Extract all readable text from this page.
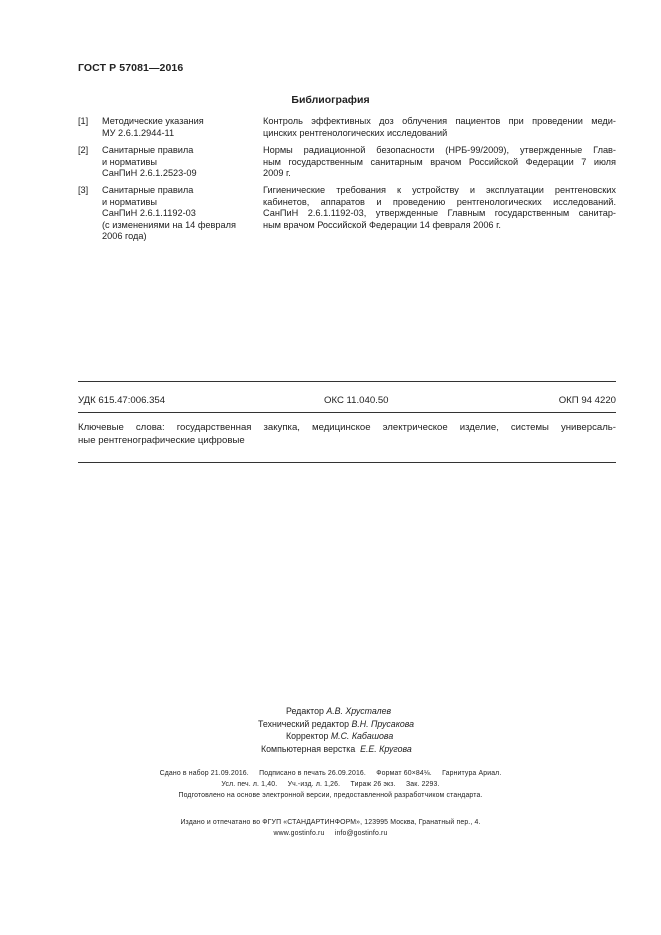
ГОСТ Р 57081—2016
Библиография
[1] Методические указания
МУ 2.6.1.2944-11
Контроль эффективных доз облучения пациентов при проведении меди-
цинских рентгенологических исследований
[2] Санитарные правила
и нормативы
СанПиН 2.6.1.2523-09
Нормы радиационной безопасности (НРБ-99/2009), утвержденные Глав-
ным государственным санитарным врачом Российской Федерации 7 июля
2009 г.
[3] Санитарные правила
и нормативы
СанПиН 2.6.1.1192-03
(с изменениями на 14 февраля
2006 года)
Гигиенические требования к устройству и эксплуатации рентгеновских
кабинетов, аппаратов и проведению рентгенологических исследований.
СанПиН 2.6.1.1192-03, утвержденные Главным государственным санитар-
ным врачом Российской Федерации 14 февраля 2006 г.
УДК 615.47:006.354	ОКС 11.040.50	ОКП 94 4220
Ключевые слова: государственная закупка, медицинское электрическое изделие, системы универсаль-
ные рентгенографические цифровые
Редактор А.В. Хрусталев
Технический редактор В.Н. Прусакова
Корректор М.С. Кабашова
Компьютерная верстка Е.Е. Кругова
Сдано в набор 21.09.2016.     Подписано в печать 26.09.2016.     Формат 60×84⅛.     Гарнитура Ариал.
Усл. печ. л. 1,40.     Уч.-изд. л. 1,26.     Тираж 26 экз.     Зак. 2293.
Подготовлено на основе электронной версии, предоставленной разработчиком стандарта.
Издано и отпечатано во ФГУП «СТАНДАРТИНФОРМ», 123995 Москва, Гранатный пер., 4.
www.gostinfo.ru     info@gostinfo.ru
